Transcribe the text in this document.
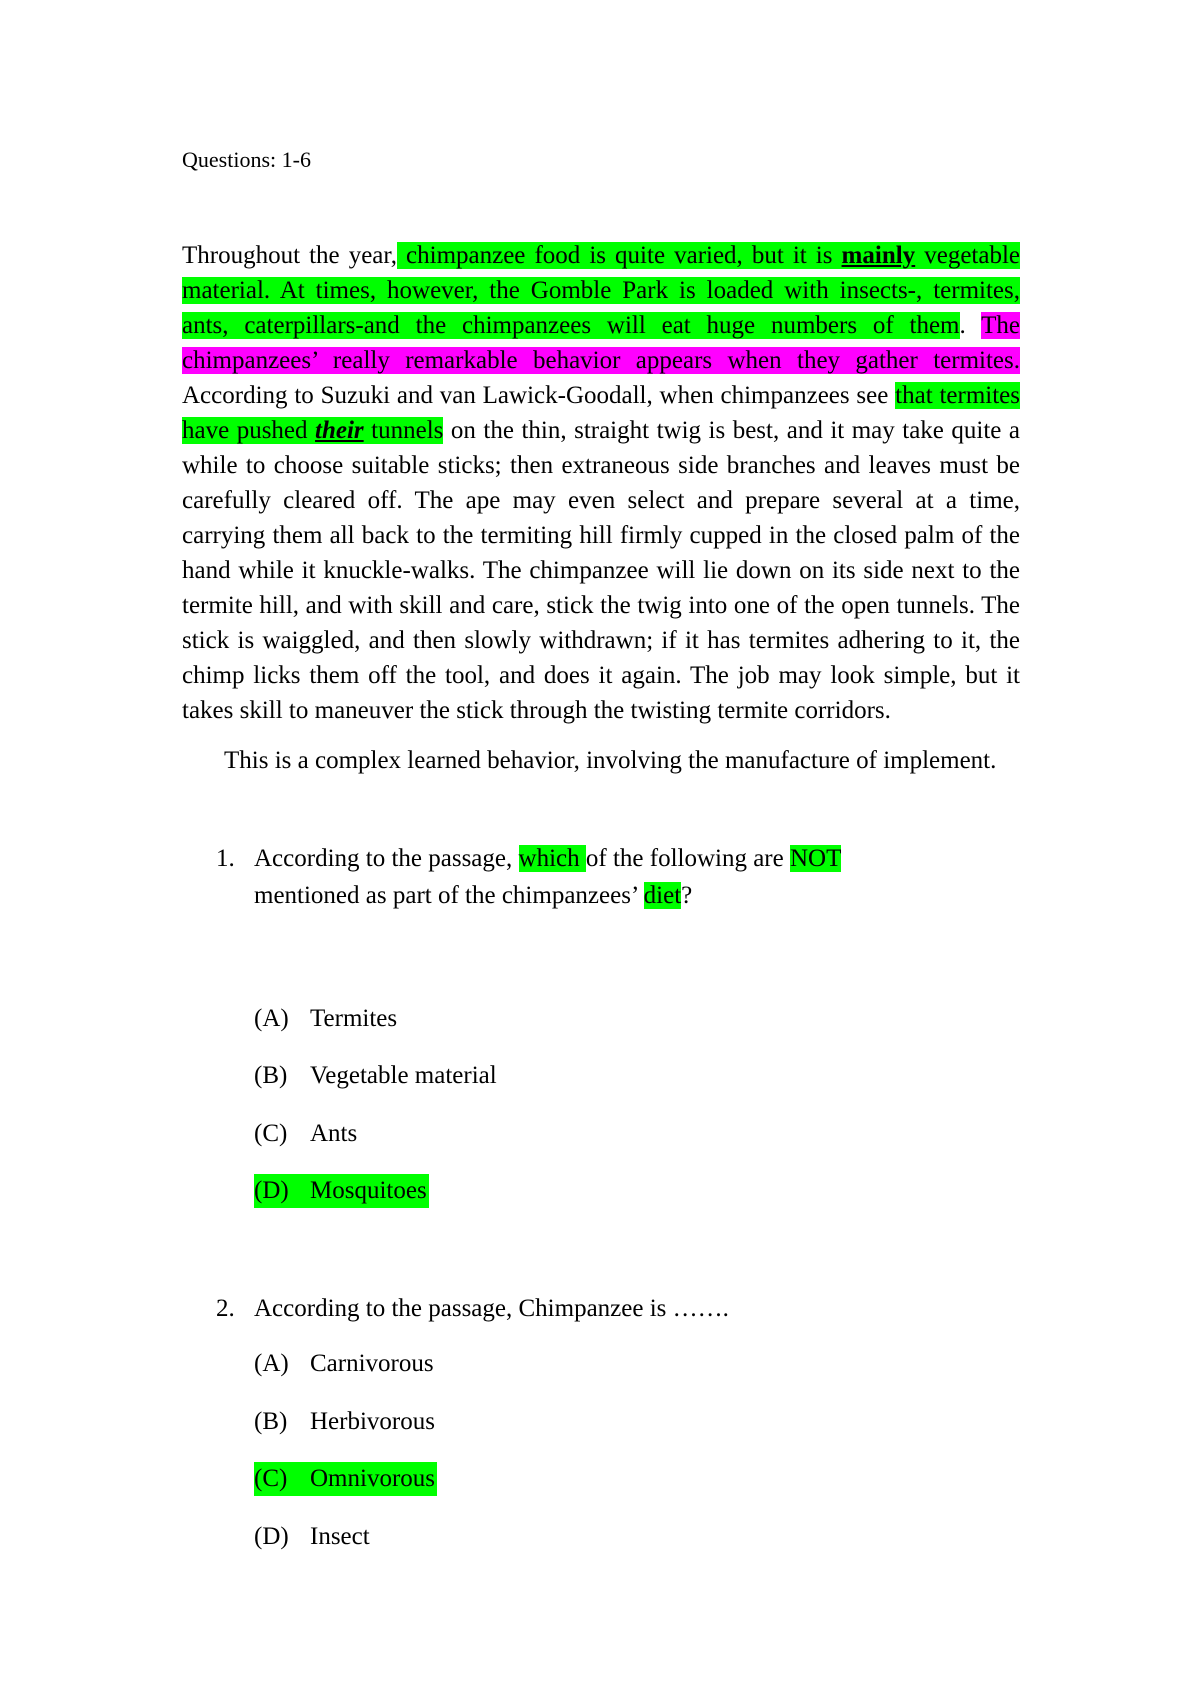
Questions: 1-6

Throughout the year, chimpanzee food is quite varied, but it is mainly vegetable material. At times, however, the Gomble Park is loaded with insects-, termites, ants, caterpillars-and the chimpanzees will eat huge numbers of them. The chimpanzees’ really remarkable behavior appears when they gather termites. According to Suzuki and van Lawick-Goodall, when chimpanzees see that termites have pushed their tunnels on the thin, straight twig is best, and it may take quite a while to choose suitable sticks; then extraneous side branches and leaves must be carefully cleared off. The ape may even select and prepare several at a time, carrying them all back to the termiting hill firmly cupped in the closed palm of the hand while it knuckle-walks. The chimpanzee will lie down on its side next to the termite hill, and with skill and care, stick the twig into one of the open tunnels. The stick is waiggled, and then slowly withdrawn; if it has termites adhering to it, the chimp licks them off the tool, and does it again. The job may look simple, but it takes skill to maneuver the stick through the twisting termite corridors.

This is a complex learned behavior, involving the manufacture of implement.

1. According to the passage, which of the following are NOT
mentioned as part of the chimpanzees’ diet?
(A) Termites
(B) Vegetable material
(C) Ants
(D) Mosquitoes
2. According to the passage, Chimpanzee is …….
(A) Carnivorous
(B) Herbivorous
(C) Omnivorous
(D) Insect
